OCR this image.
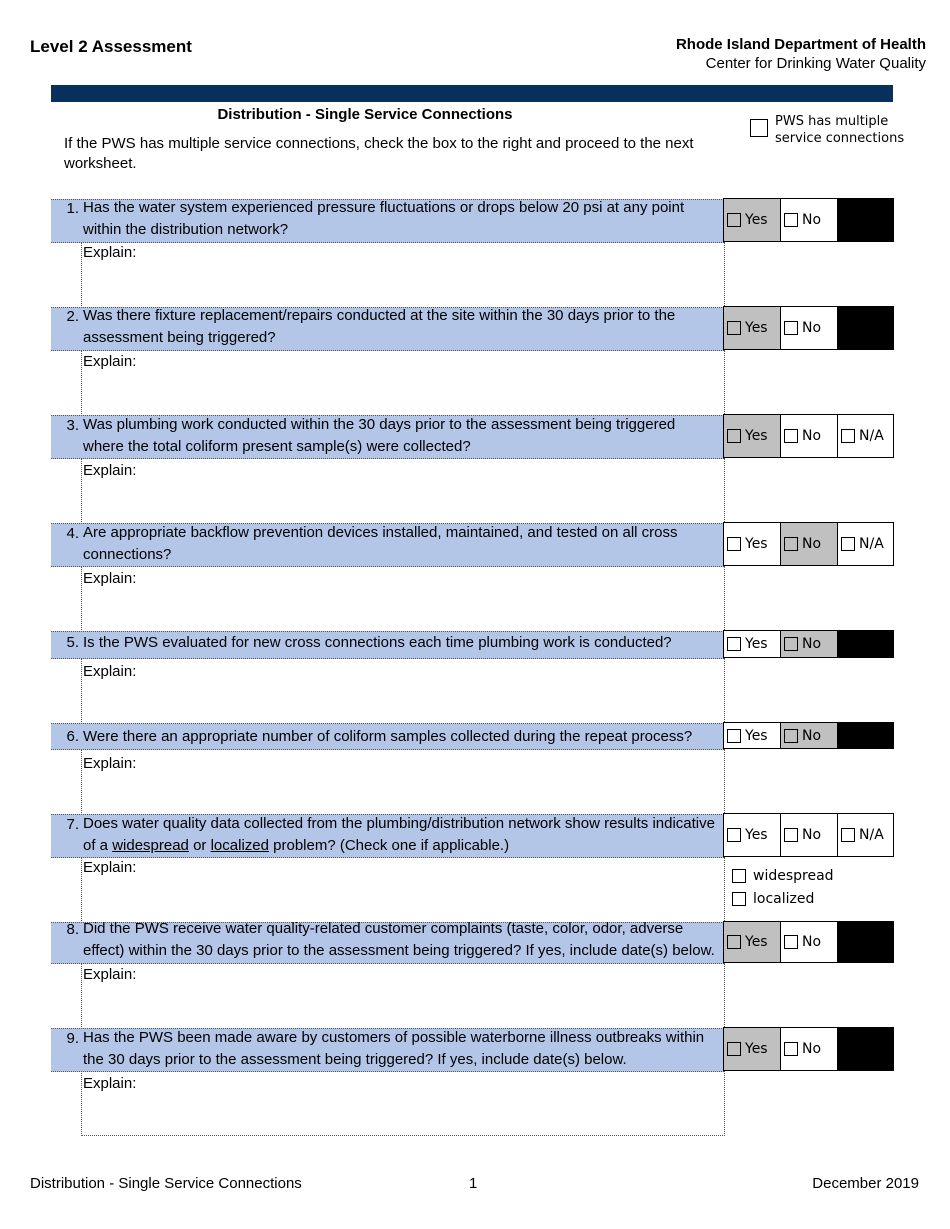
Level 2 Assessment	Rhode Island Department of Health
Center for Drinking Water Quality
Distribution - Single Service Connections
If the PWS has multiple service connections, check the box to the right and proceed to the next worksheet.
PWS has multiple
service connections
1. Has the water system experienced pressure fluctuations or drops below 20 psi at any point
within the distribution network?
Explain:
Yes No
2. Was there fixture replacement/repairs conducted at the site within the 30 days prior to the
assessment being triggered?
Explain:
Yes No
3. Was plumbing work conducted within the 30 days prior to the assessment being triggered
where the total coliform present sample(s) were collected?
Explain:
Yes No	N/A
4. Are appropriate backflow prevention devices installed, maintained, and tested on all cross
connections?
Explain:
Yes No	N/A
5. Is the PWS evaluated for new cross connections each time plumbing work is conducted?
Explain:
Yes No
6. Were there an appropriate number of coliform samples collected during the repeat process?
Explain:
Yes No
7. Does water quality data collected from the plumbing/distribution network show results indicative
of a widespread or localized problem? (Check one if applicable.)
Explain:
Yes No	N/A
widespread
localized
8. Did the PWS receive water quality-related customer complaints (taste, color, odor, adverse
effect) within the 30 days prior to the assessment being triggered? If yes, include date(s) below.
Explain:
Yes No
9. Has the PWS been made aware by customers of possible waterborne illness outbreaks within
the 30 days prior to the assessment being triggered? If yes, include date(s) below.
Explain:
Yes No
Distribution - Single Service Connections	1	December 2019
